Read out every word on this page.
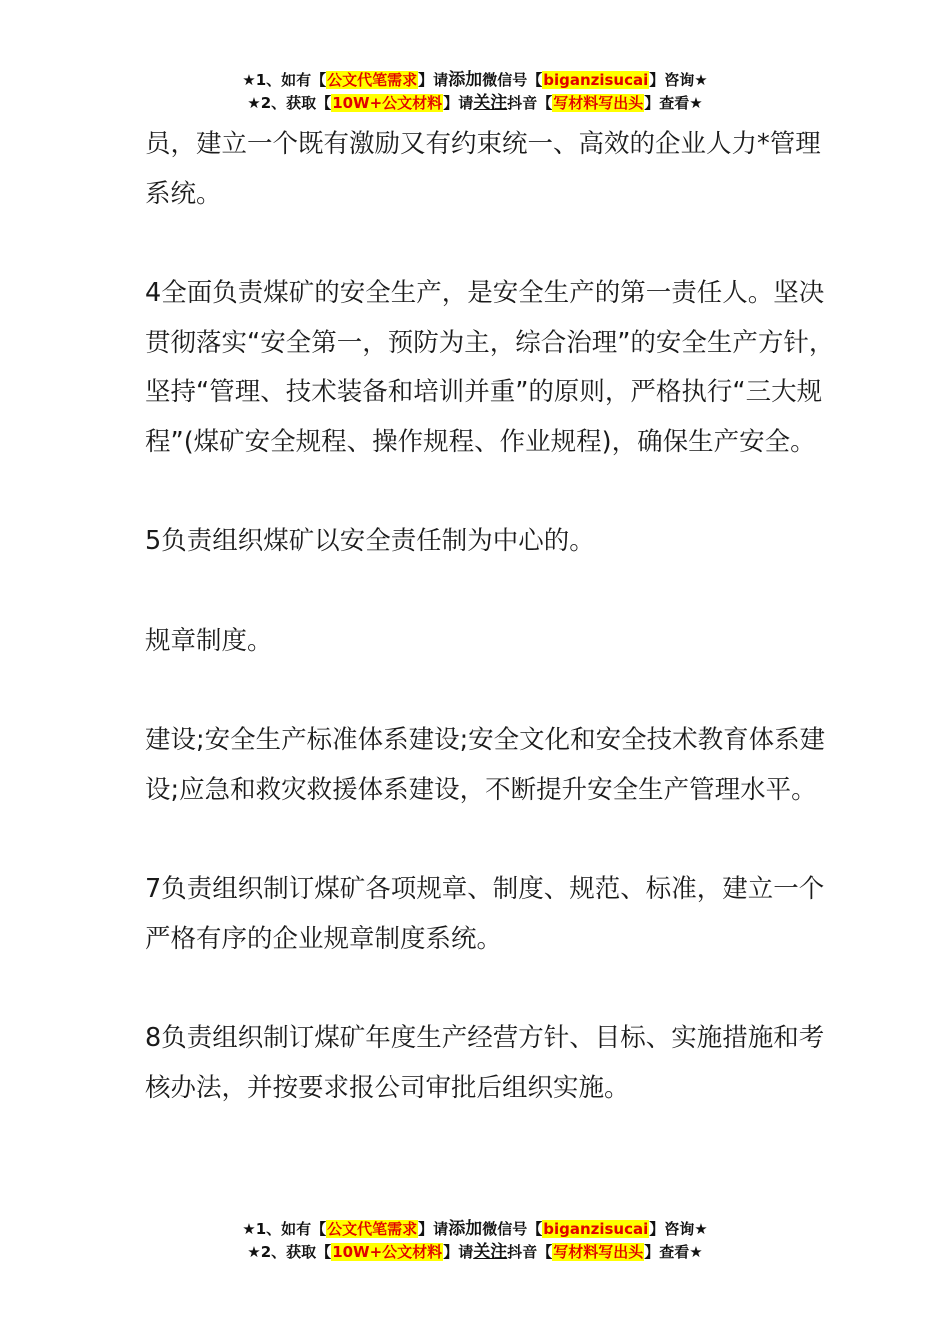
★1、如有【公文代笔需求】请添加微信号【biganzisucai】咨询★
★2、获取【10W+公文材料】请关注抖音【写材料写出头】查看★

员，建立一个既有激励又有约束统一、高效的企业人力*管理系统。

4全面负责煤矿的安全生产，是安全生产的第一责任人。坚决贯彻落实“安全第一，预防为主，综合治理”的安全生产方针，坚持“管理、技术装备和培训并重”的原则，严格执行“三大规程”(煤矿安全规程、操作规程、作业规程)，确保生产安全。

5负责组织煤矿以安全责任制为中心的。

规章制度。

建设;安全生产标准体系建设;安全文化和安全技术教育体系建设;应急和救灾救援体系建设，不断提升安全生产管理水平。

7负责组织制订煤矿各项规章、制度、规范、标准，建立一个严格有序的企业规章制度系统。

8负责组织制订煤矿年度生产经营方针、目标、实施措施和考核办法，并按要求报公司审批后组织实施。

★1、如有【公文代笔需求】请添加微信号【biganzisucai】咨询★
★2、获取【10W+公文材料】请关注抖音【写材料写出头】查看★
